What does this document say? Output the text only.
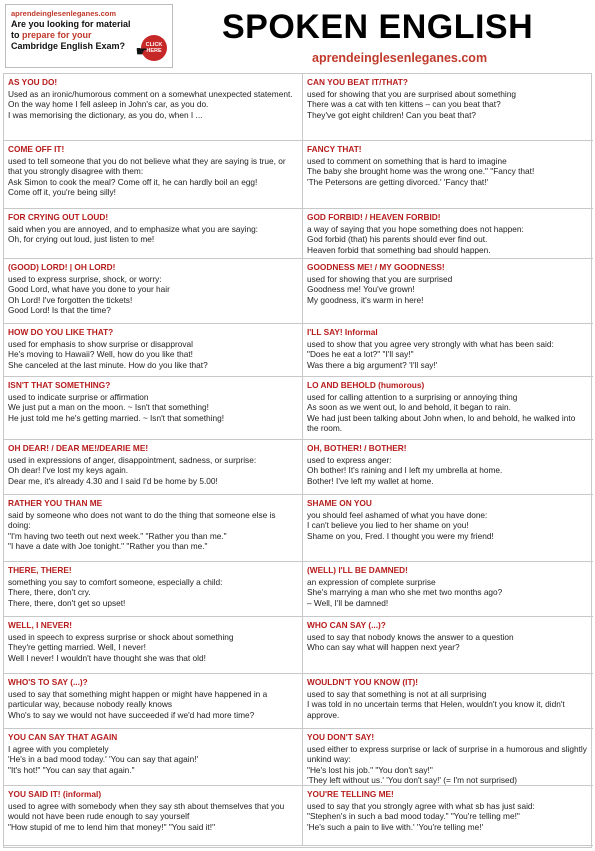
aprendeinglesenleganes.com
Are you looking for material
to prepare for your
Cambridge English Exam?	CLICK HERE
☛
SPOKEN ENGLISH
aprendeinglesenleganes.com
AS YOU DO!

Used as an ironic/humorous comment on a somewhat unexpected statement.

On the way home I fell asleep in John's car, as you do.

I was memorising the dictionary, as you do, when I ...

CAN YOU BEAT IT/THAT?

used for showing that you are surprised about something

There was a cat with ten kittens – can you beat that?

They've got eight children! Can you beat that?

COME OFF IT!

used to tell someone that you do not believe what they are saying is true, or that you strongly disagree with them:

Ask Simon to cook the meal? Come off it, he can hardly boil an egg!

Come off it, you're being silly!

FANCY THAT!

used to comment on something that is hard to imagine

The baby she brought home was the wrong one." "Fancy that!

'The Petersons are getting divorced.' 'Fancy that!'

FOR CRYING OUT LOUD!

said when you are annoyed, and to emphasize what you are saying:

Oh, for crying out loud, just listen to me!

GOD FORBID! / HEAVEN FORBID!

a way of saying that you hope something does not happen:

God forbid (that) his parents should ever find out.

Heaven forbid that something bad should happen.

(GOOD) LORD! | OH LORD!

used to express surprise, shock, or worry:

Good Lord, what have you done to your hair

Oh Lord! I've forgotten the tickets!

Good Lord! Is that the time?

GOODNESS ME! / MY GOODNESS!

used for showing that you are surprised

Goodness me! You've grown!

My goodness, it's warm in here!

HOW DO YOU LIKE THAT?

used for emphasis to show surprise or disapproval

He's moving to Hawaii? Well, how do you like that!

She canceled at the last minute. How do you like that?

I'LL SAY! Informal

used to show that you agree very strongly with what has been said:

"Does he eat a lot?" "I'll say!"

Was there a big argument? 'I'll say!'

ISN'T THAT SOMETHING?

used to indicate surprise or affirmation

We just put a man on the moon. ~ Isn't that something!

He just told me he's getting married. ~ Isn't that something!

LO AND BEHOLD (humorous)

used for calling attention to a surprising or annoying thing

As soon as we went out, lo and behold, it began to rain.

We had just been talking about John when, lo and behold, he walked into the room.

OH DEAR! / DEAR ME!/DEARIE ME!

used in expressions of anger, disappointment, sadness, or surprise:

Oh dear! I've lost my keys again.

Dear me, it's already 4.30 and I said I'd be home by 5.00!

OH, BOTHER! / BOTHER!

used to express anger:

Oh bother! It's raining and I left my umbrella at home.

Bother! I've left my wallet at home.

RATHER YOU THAN ME

said by someone who does not want to do the thing that someone else is doing:

"I'm having two teeth out next week." "Rather you than me."

"I have a date with Joe tonight." "Rather you than me."

SHAME ON YOU

you should feel ashamed of what you have done:

I can't believe you lied to her shame on you!

Shame on you, Fred. I thought you were my friend!

THERE, THERE!

something you say to comfort someone, especially a child:

There, there, don't cry.

There, there, don't get so upset!

(WELL) I'LL BE DAMNED!

an expression of complete surprise

She's marrying a man who she met two months ago?

– Well, I'll be damned!

WELL, I NEVER!

used in speech to express surprise or shock about something

They're getting married. Well, I never!

Well I never! I wouldn't have thought she was that old!

WHO CAN SAY (...)?

used to say that nobody knows the answer to a question

Who can say what will happen next year?

WHO'S TO SAY (...)?

used to say that something might happen or might have happened in a particular way, because nobody really knows

Who's to say we would not have succeeded if we'd had more time?

WOULDN'T YOU KNOW (IT)!

used to say that something is not at all surprising

I was told in no uncertain terms that Helen, wouldn't you know it, didn't approve.

YOU CAN SAY THAT AGAIN

I agree with you completely

'He's in a bad mood today.' 'You can say that again!'

"It's hot!" "You can say that again."

YOU DON'T SAY!

used either to express surprise or lack of surprise in a humorous and slightly unkind way:

"He's lost his job." "You don't say!"

'They left without us.' 'You don't say!' (= I'm not surprised)

YOU SAID IT! (informal)

used to agree with somebody when they say sth about themselves that you would not have been rude enough to say yourself

"How stupid of me to lend him that money!" "You said it!"

YOU'RE TELLING ME!

used to say that you strongly agree with what sb has just said:

"Stephen's in such a bad mood today." "You're telling me!"

'He's such a pain to live with.' 'You're telling me!'
